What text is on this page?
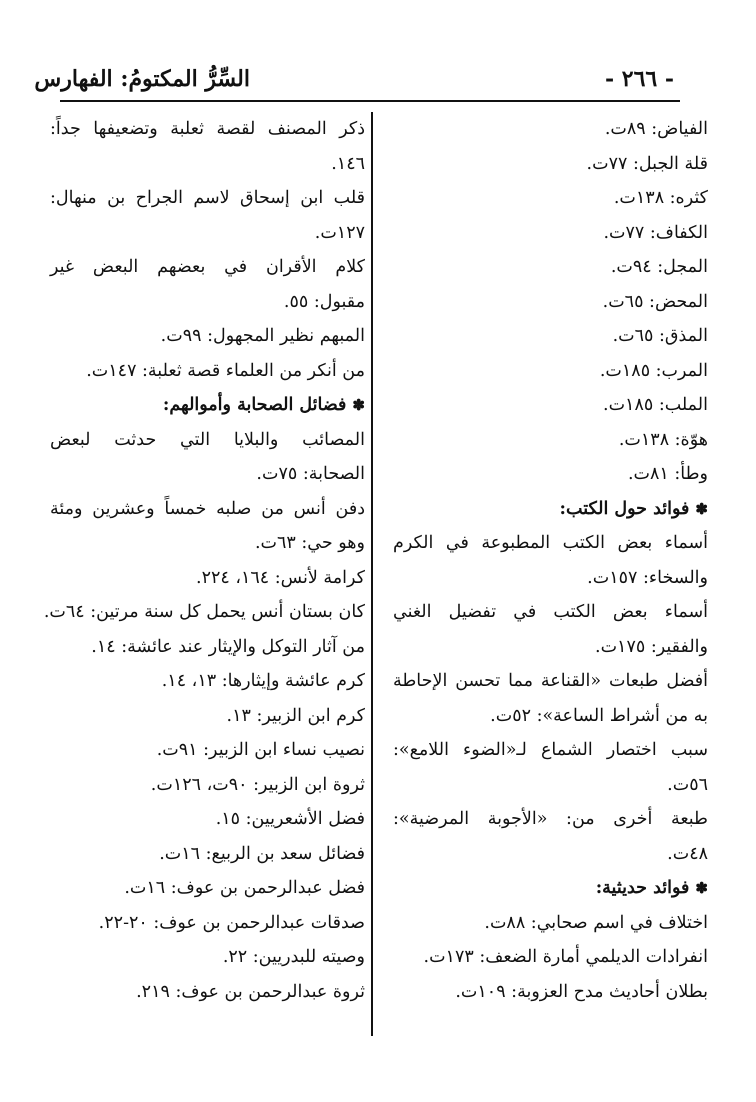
- ٢٦٦ -
السِّرُّ المكتومُ: الفهارس
الفياض: ٨٩ت.
قلة الجبل: ٧٧ت.
كثره: ١٣٨ت.
الكفاف: ٧٧ت.
المجل: ٩٤ت.
المحض: ٦٥ت.
المذق: ٦٥ت.
المرب: ١٨٥ت.
الملب: ١٨٥ت.
هوّة: ١٣٨ت.
وطأ: ٨١ت.
✽فوائد حول الكتب:
أسماء بعض الكتب المطبوعة في الكرم
والسخاء: ١٥٧ت.
أسماء بعض الكتب في تفضيل الغني
والفقير: ١٧٥ت.
أفضل طبعات «القناعة مما تحسن الإحاطة
به من أشراط الساعة»: ٥٢ت.
سبب اختصار الشماع لـ«الضوء اللامع»:
٥٦ت.
طبعة أخرى من: «الأجوبة المرضية»:
٤٨ت.
✽فوائد حديثية:
اختلاف في اسم صحابي: ٨٨ت.
انفرادات الديلمي أمارة الضعف: ١٧٣ت.
بطلان أحاديث مدح العزوبة: ١٠٩ت.
ذكر المصنف لقصة ثعلبة وتضعيفها جداً:
١٤٦.
قلب ابن إسحاق لاسم الجراح بن منهال:
١٢٧ت.
كلام الأقران في بعضهم البعض غير
مقبول: ٥٥.
المبهم نظير المجهول: ٩٩ت.
من أنكر من العلماء قصة ثعلبة: ١٤٧ت.
✽فضائل الصحابة وأموالهم:
المصائب والبلايا التي حدثت لبعض
الصحابة: ٧٥ت.
دفن أنس من صلبه خمساً وعشرين ومئة
وهو حي: ٦٣ت.
كرامة لأنس: ١٦٤، ٢٢٤.
كان بستان أنس يحمل كل سنة مرتين: ٦٤ت.
من آثار التوكل والإيثار عند عائشة: ١٤.
كرم عائشة وإيثارها: ١٣، ١٤.
كرم ابن الزبير: ١٣.
نصيب نساء ابن الزبير: ٩١ت.
ثروة ابن الزبير: ٩٠ت، ١٢٦ت.
فضل الأشعريين: ١٥.
فضائل سعد بن الربيع: ١٦ت.
فضل عبدالرحمن بن عوف: ١٦ت.
صدقات عبدالرحمن بن عوف: ٢٠-٢٢.
وصيته للبدريين: ٢٢.
ثروة عبدالرحمن بن عوف: ٢١٩.
